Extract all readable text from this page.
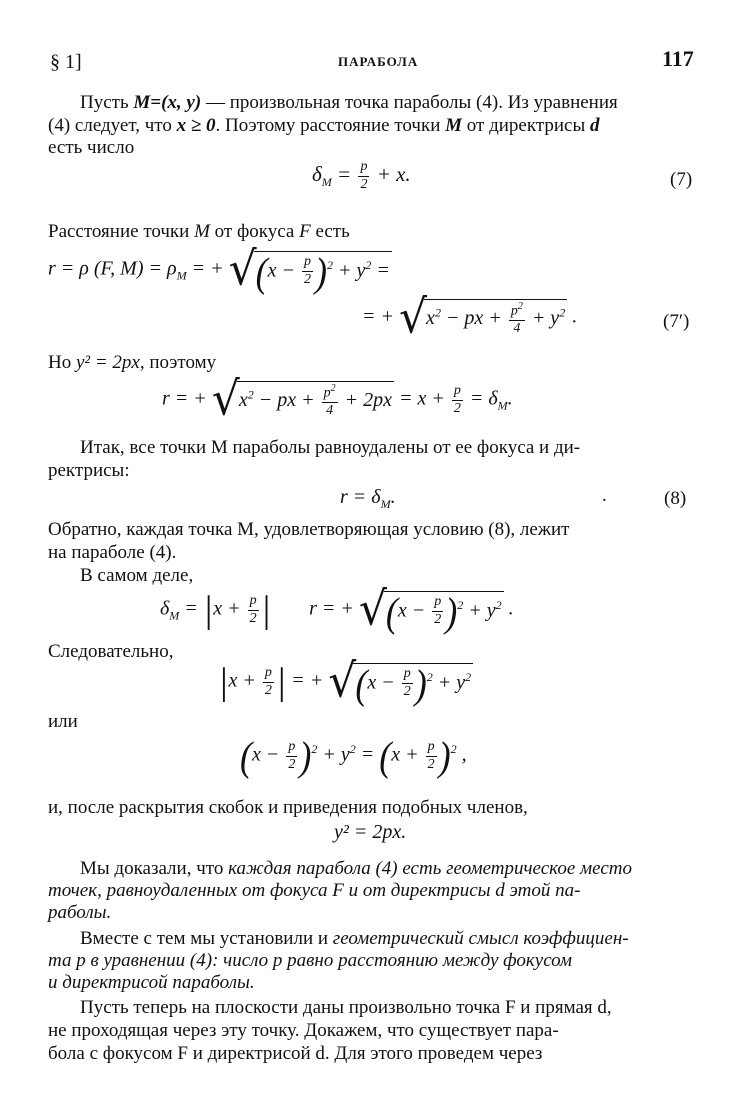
§ 1]	ПАРАБОЛА	117
Пусть M=(x, y) — произвольная точка параболы (4). Из уравнения
(4) следует, что x ≥ 0. Поэтому расстояние точки M от директрисы d
есть число
$\delta_M = \frac{p}{2} + x$.	(7)
Расстояние точки M от фокуса F есть
r = ρ (F, $M) = \rho_M$ = + $√(x - \frac{p}{2} )^2 + y^2$ =
= + $√x^2$ − px + $\frac{p^2}{4} + y^2$ .	(7′)
Но y² = 2px, поэтому
r = + $√x^2$ − px + $\frac{p^2}{4} + 2px = x + \frac{p}{2} = \delta_M$.
Итак, все точки M параболы равноудалены от ее фокуса и ди-
ректрисы:
$r = \delta_M$.	.	(8)
Обратно, каждая точка M, удовлетворяющая условию (8), лежит
на параболе (4).
В самом деле,
$\delta_M = |x + \frac{p}{2}$ | r = + $√(x - \frac{p}{2} )^2 + y^2$ .
Следовательно,
$|x + \frac{p}{2}$ | = + $√(x - \frac{p}{2} )^2 + y^2$
или
$(x - \frac{p}{2} )^2 + y^2 = (x + \frac{p}{2} )^2$ ,
и, после раскрытия скобок и приведения подобных членов,
y² = 2px.
Мы доказали, что каждая парабола (4) есть геометрическое место
точек, равноудаленных от фокуса F и от директрисы d этой па-
раболы.
Вместе с тем мы установили и геометрический смысл коэффициен-
та p в уравнении (4): число p равно расстоянию между фокусом
и директрисой параболы.
Пусть теперь на плоскости даны произвольно точка F и прямая d,
не проходящая через эту точку. Докажем, что существует пара-
бола с фокусом F и директрисой d. Для этого проведем через
